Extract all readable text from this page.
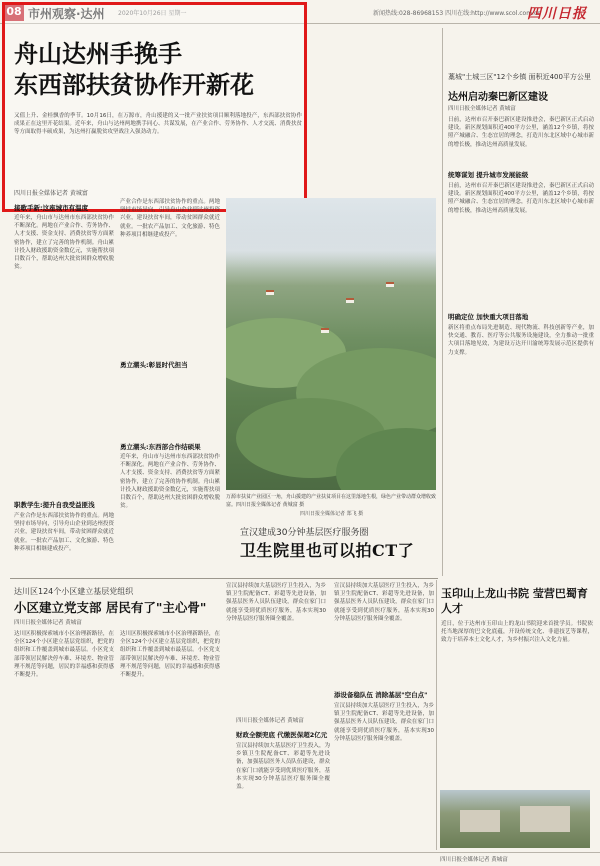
08 市州观察·达州 2020年10月26日 星期一	新闻热线:028-86968153 四川在线:http://www.scol.com.cn
四川日报
舟山达州手挽手
东西部扶贫协作开新花
又值上升、金桂飘香的季节。10月16日，在万源市，舟山援建的又一批产业扶贫项目顺利落地投产，东西部扶贫协作成果正在这里开花结果。近年来，舟山与达州两地携手同心、共谋发展，在产业合作、劳务协作、人才交流、消费扶贫等方面取得丰硕成果，为达州打赢脱贫攻坚战注入强劲动力。
四川日报全媒体记者 黄城富
接歌手新:这座城市有温度
近年来，舟山市与达州市东西部扶贫协作不断深化。两地在产业合作、劳务协作、人才支援、资金支持、消费扶贫等方面紧密协作，建立了完善的协作机制。舟山累计投入财政援助资金数亿元，实施帮扶项目数百个，帮助达州大批贫困群众增收脱贫。
职教学生:提升自我受益匪浅
产业合作是东西部扶贫协作的重点。两地坚持市场导向，引导舟山企业到达州投资兴业，建设扶贫车间，带动贫困群众就近就业。一批农产品加工、文化旅游、特色种养项目相继建成投产。
产业合作是东西部扶贫协作的重点。两地坚持市场导向，引导舟山企业到达州投资兴业，建设扶贫车间，带动贫困群众就近就业。一批农产品加工、文化旅游、特色种养项目相继建成投产。
勇立潮头:东西部合作结硕果
近年来，舟山市与达州市东西部扶贫协作不断深化。两地在产业合作、劳务协作、人才支援、资金支持、消费扶贫等方面紧密协作，建立了完善的协作机制。舟山累计投入财政援助资金数亿元，实施帮扶项目数百个，帮助达州大批贫困群众增收脱贫。
勇立潮头:彰显时代担当
万源市扶贫产业园区一角，舟山援建的产业扶贫项目在这里落地生根，绿色产业带动群众增收致富。四川日报全媒体记者 黄城富 摄
四川日报全媒体记者 郑飞 摄
藁城"土城三区"12个乡镇 面积近400平方公里
达州启动秦巴新区建设
四川日报全媒体记者 黄城富
日前，达州市召开秦巴新区建设推进会，秦巴新区正式启动建设。新区规划面积近400平方公里，涵盖12个乡镇，将按照产城融合、生态宜居的理念，打造川东北区域中心城市新的增长极，推动达州高质量发展。
统筹谋划 提升城市发展能级
日前，达州市召开秦巴新区建设推进会，秦巴新区正式启动建设。新区规划面积近400平方公里，涵盖12个乡镇，将按照产城融合、生态宜居的理念，打造川东北区域中心城市新的增长极，推动达州高质量发展。
明确定位 加快重大项目落地
新区将重点布局先进制造、现代物流、科技创新等产业，加快交通、教育、医疗等公共服务设施建设，全力推动一批重大项目落地见效，为建设万达开川渝统筹发展示范区提供有力支撑。
宣汉建成30分钟基层医疗服务圈
卫生院里也可以拍CT了
达川区124个小区建立基层党组织
小区建立党支部 居民有了"主心骨"
四川日报全媒体记者 黄城富
达川区积极探索城市小区治理新路径，在全区124个小区建立基层党组织，把党的组织和工作覆盖到城市最基层。小区党支部带领居民解决停车难、环境差、物业管理不规范等问题，居民的幸福感和获得感不断提升。
达川区积极探索城市小区治理新路径，在全区124个小区建立基层党组织，把党的组织和工作覆盖到城市最基层。小区党支部带领居民解决停车难、环境差、物业管理不规范等问题，居民的幸福感和获得感不断提升。
宣汉县持续加大基层医疗卫生投入，为乡镇卫生院配备CT、彩超等先进设备，加强基层医务人员队伍建设，群众在家门口就能享受到优质医疗服务，基本实现30分钟基层医疗服务圈全覆盖。
四川日报全媒体记者 黄城富
财政全额兜底 代缴医保超2亿元
宣汉县持续加大基层医疗卫生投入，为乡镇卫生院配备CT、彩超等先进设备，加强基层医务人员队伍建设，群众在家门口就能享受到优质医疗服务，基本实现30分钟基层医疗服务圈全覆盖。
宣汉县持续加大基层医疗卫生投入，为乡镇卫生院配备CT、彩超等先进设备，加强基层医务人员队伍建设，群众在家门口就能享受到优质医疗服务，基本实现30分钟基层医疗服务圈全覆盖。
添设备稳队伍 消除基层"空白点"
宣汉县持续加大基层医疗卫生投入，为乡镇卫生院配备CT、彩超等先进设备，加强基层医务人员队伍建设，群众在家门口就能享受到优质医疗服务，基本实现30分钟基层医疗服务圈全覆盖。
玉印山上龙山书院 莹营巴蜀育人才
近日，位于达州市玉印山上的龙山书院迎来首批学员。书院依托当地深厚的巴文化底蕴，开设传统文化、非遗技艺等课程，致力于培养本土文化人才，为乡村振兴注入文化力量。
四川日报全媒体记者 黄城富
